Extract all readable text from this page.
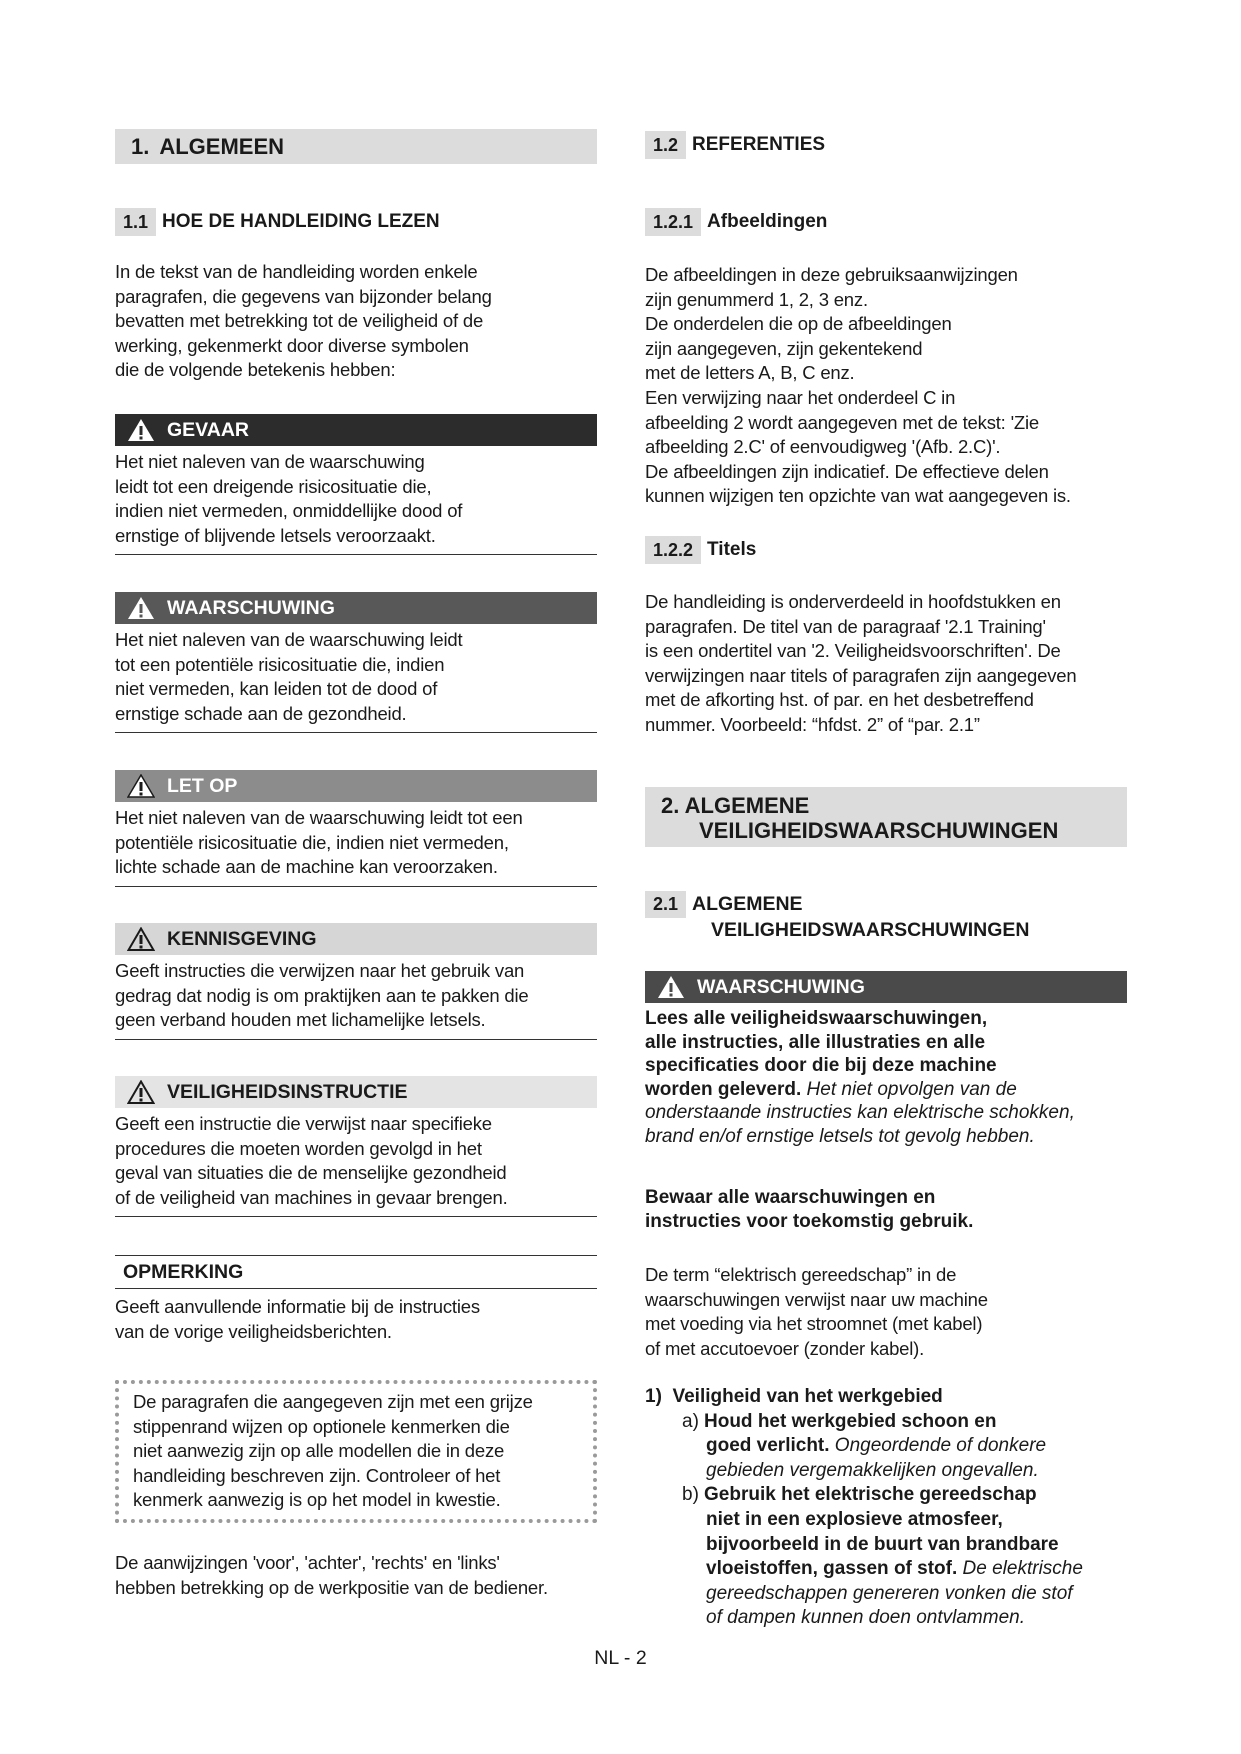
1. ALGEMEEN
1.1 HOE DE HANDLEIDING LEZEN

In de tekst van de handleiding worden enkele

paragrafen, die gegevens van bijzonder belang

bevatten met betrekking tot de veiligheid of de

werking, gekenmerkt door diverse symbolen

die de volgende betekenis hebben:

GEVAAR

Het niet naleven van de waarschuwing

leidt tot een dreigende risicosituatie die,

indien niet vermeden, onmiddellijke dood of

ernstige of blijvende letsels veroorzaakt.

WAARSCHUWING

Het niet naleven van de waarschuwing leidt

tot een potentiële risicosituatie die, indien

niet vermeden, kan leiden tot de dood of

ernstige schade aan de gezondheid.

LET OP

Het niet naleven van de waarschuwing leidt tot een

potentiële risicosituatie die, indien niet vermeden,

lichte schade aan de machine kan veroorzaken.

KENNISGEVING

Geeft instructies die verwijzen naar het gebruik van

gedrag dat nodig is om praktijken aan te pakken die

geen verband houden met lichamelijke letsels.

VEILIGHEIDSINSTRUCTIE

Geeft een instructie die verwijst naar specifieke

procedures die moeten worden gevolgd in het

geval van situaties die de menselijke gezondheid

of de veiligheid van machines in gevaar brengen.

OPMERKING

Geeft aanvullende informatie bij de instructies

van de vorige veiligheidsberichten.

De paragrafen die aangegeven zijn met een grijze

stippenrand wijzen op optionele kenmerken die

niet aanwezig zijn op alle modellen die in deze

handleiding beschreven zijn. Controleer of het

kenmerk aanwezig is op het model in kwestie.

De aanwijzingen 'voor', 'achter', 'rechts' en 'links'

hebben betrekking op de werkpositie van de bediener.

1.2 REFERENTIES
1.2.1 Afbeeldingen

De afbeeldingen in deze gebruiksaanwijzingen

zijn genummerd 1, 2, 3 enz.

De onderdelen die op de afbeeldingen

zijn aangegeven, zijn gekentekend

met de letters A, B, C enz.

Een verwijzing naar het onderdeel C in

afbeelding 2 wordt aangegeven met de tekst: 'Zie

afbeelding 2.C' of eenvoudigweg '(Afb. 2.C)'.

De afbeeldingen zijn indicatief. De effectieve delen

kunnen wijzigen ten opzichte van wat aangegeven is.

1.2.2 Titels

De handleiding is onderverdeeld in hoofdstukken en

paragrafen. De titel van de paragraaf '2.1 Training'

is een ondertitel van '2. Veiligheidsvoorschriften'. De

verwijzingen naar titels of paragrafen zijn aangegeven

met de afkorting hst. of par. en het desbetreffend

nummer. Voorbeeld: “hfdst. 2” of “par. 2.1”

2. ALGEMENE
VEILIGHEIDSWAARSCHUWINGEN
2.1 ALGEMENE
VEILIGHEIDSWAARSCHUWINGEN
WAARSCHUWING

Lees alle veiligheidswaarschuwingen,

alle instructies, alle illustraties en alle

specificaties door die bij deze machine

worden geleverd. Het niet opvolgen van de

onderstaande instructies kan elektrische schokken,

brand en/of ernstige letsels tot gevolg hebben.

Bewaar alle waarschuwingen en

instructies voor toekomstig gebruik.

De term “elektrisch gereedschap” in de

waarschuwingen verwijst naar uw machine

met voeding via het stroomnet (met kabel)

of met accutoevoer (zonder kabel).

1) Veiligheid van het werkgebied

a) Houd het werkgebied schoon en

goed verlicht. Ongeordende of donkere

gebieden vergemakkelijken ongevallen.

b) Gebruik het elektrische gereedschap

niet in een explosieve atmosfeer,

bijvoorbeeld in de buurt van brandbare

vloeistoffen, gassen of stof. De elektrische

gereedschappen genereren vonken die stof

of dampen kunnen doen ontvlammen.

NL - 2
